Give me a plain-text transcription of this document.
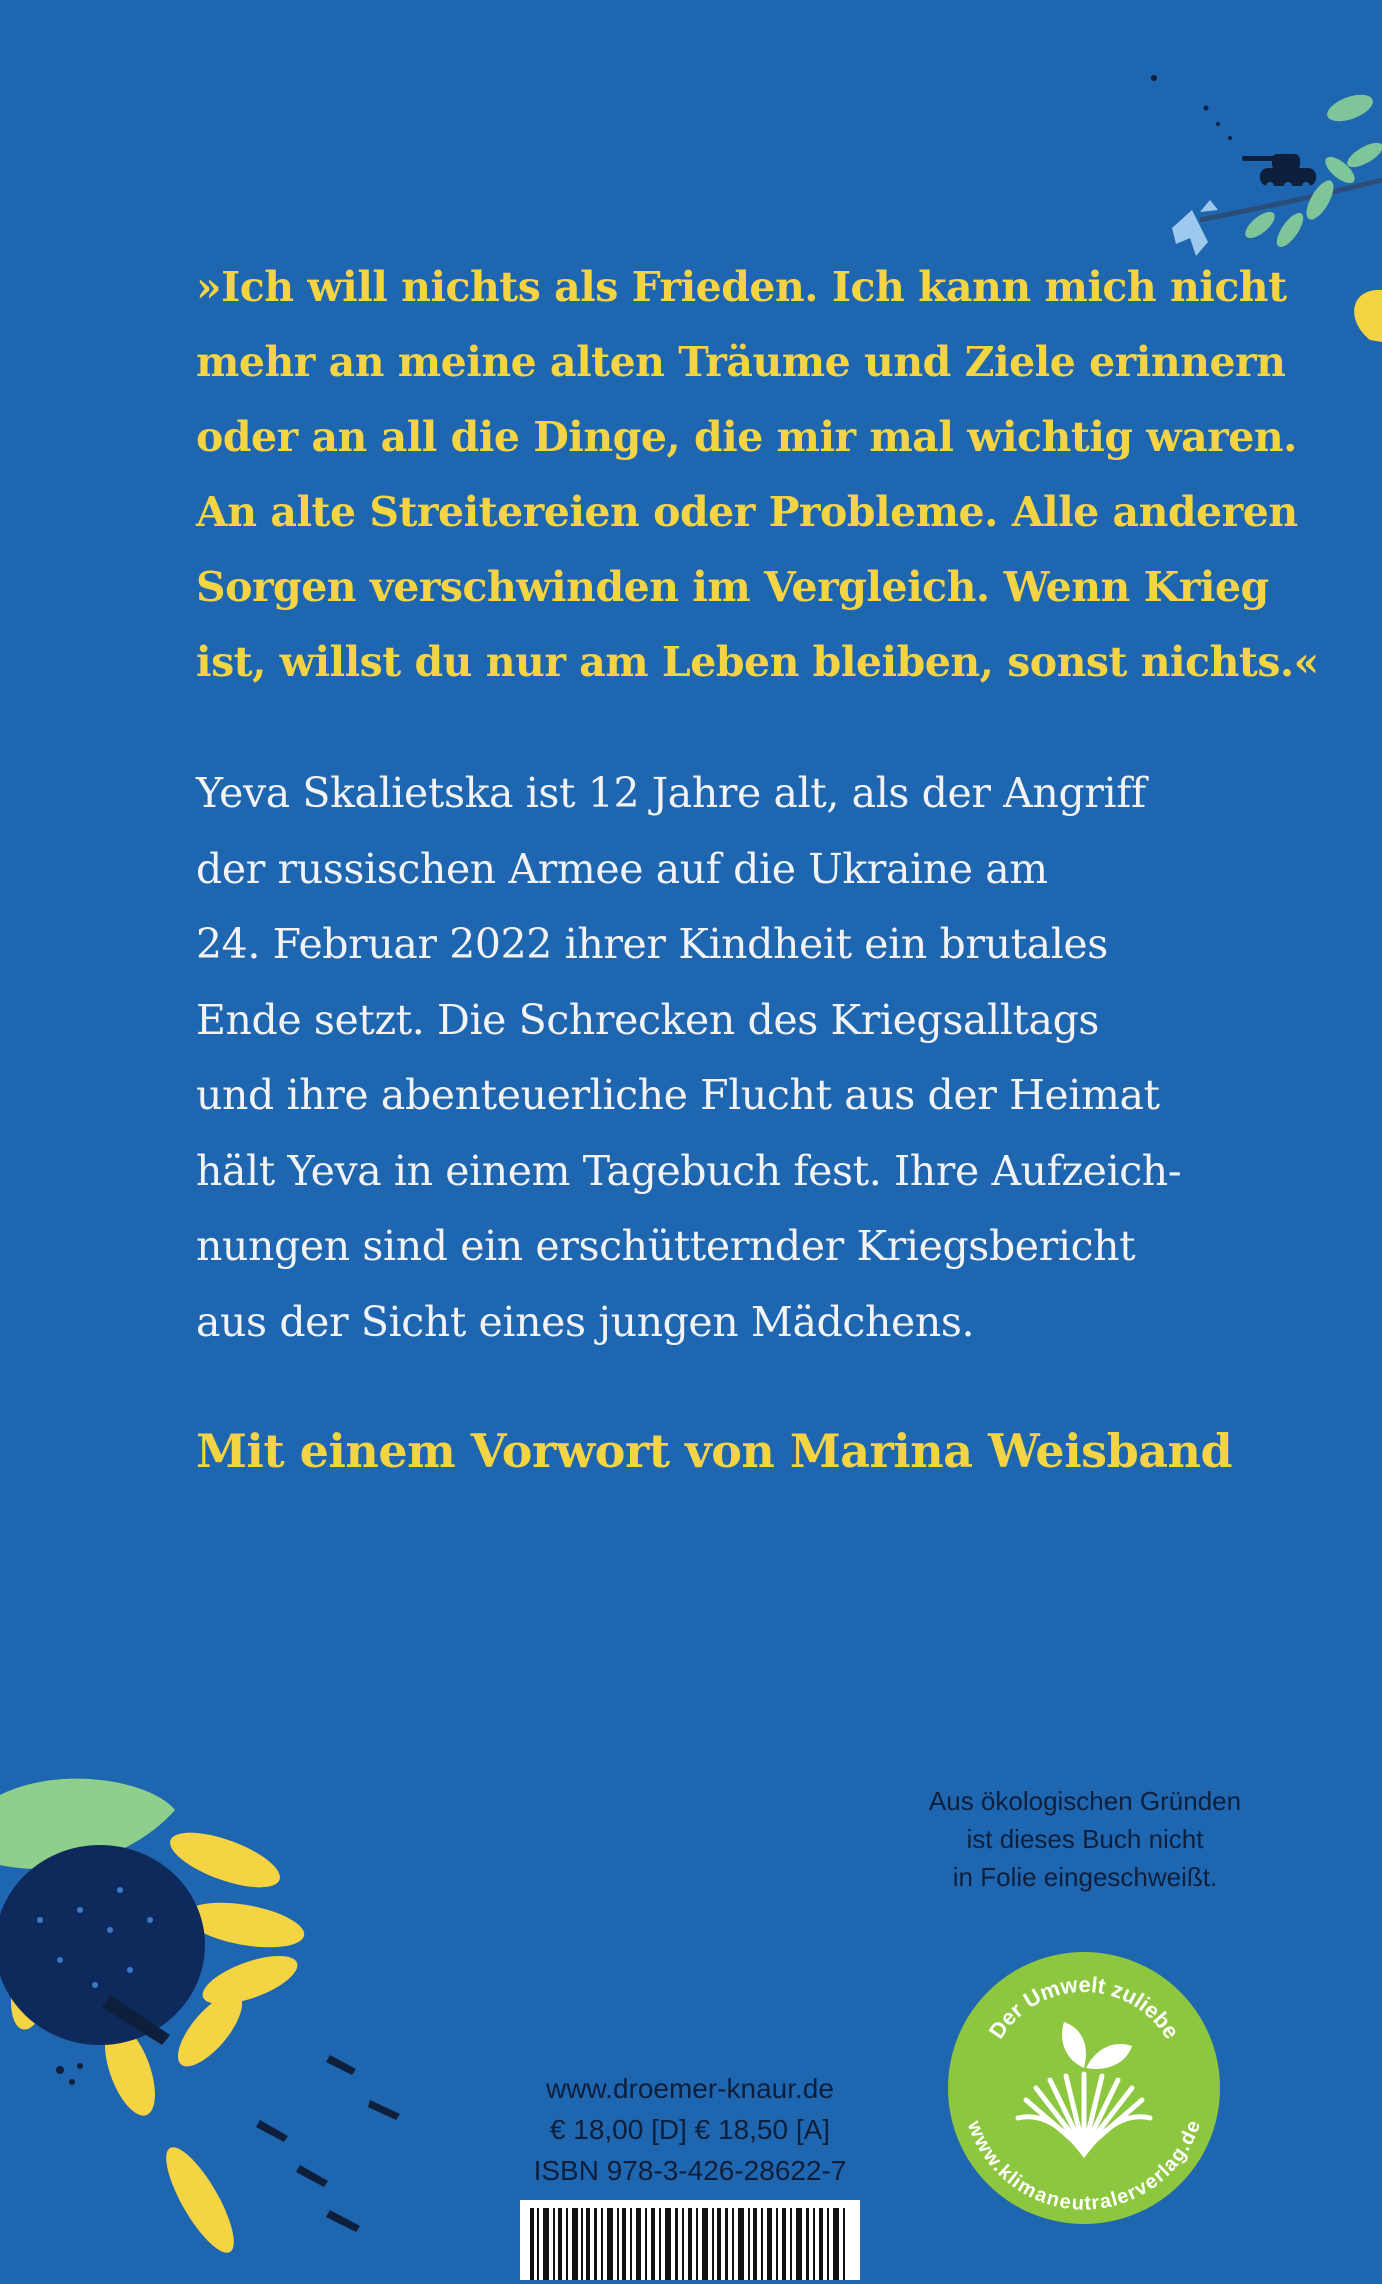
»Ich will nichts als Frieden. Ich kann mich nicht
mehr an meine alten Träume und Ziele erinnern
oder an all die Dinge, die mir mal wichtig waren.
An alte Streitereien oder Probleme. Alle anderen
Sorgen verschwinden im Vergleich. Wenn Krieg
ist, willst du nur am Leben bleiben, sonst nichts.«
Yeva Skalietska ist 12 Jahre alt, als der Angriff
der russischen Armee auf die Ukraine am
24. Februar 2022 ihrer Kindheit ein brutales
Ende setzt. Die Schrecken des Kriegsalltags
und ihre abenteuerliche Flucht aus der Heimat
hält Yeva in einem Tagebuch fest. Ihre Aufzeich-
nungen sind ein erschütternder Kriegsbericht
aus der Sicht eines jungen Mädchens.
Mit einem Vorwort von Marina Weisband
Aus ökologischen Gründen
ist dieses Buch nicht
in Folie eingeschweißt.
Der Umwelt zuliebe
www.klimaneutralerverlag.de
www.droemer-knaur.de
€ 18,00 [D] € 18,50 [A]
ISBN 978-3-426-28622-7
